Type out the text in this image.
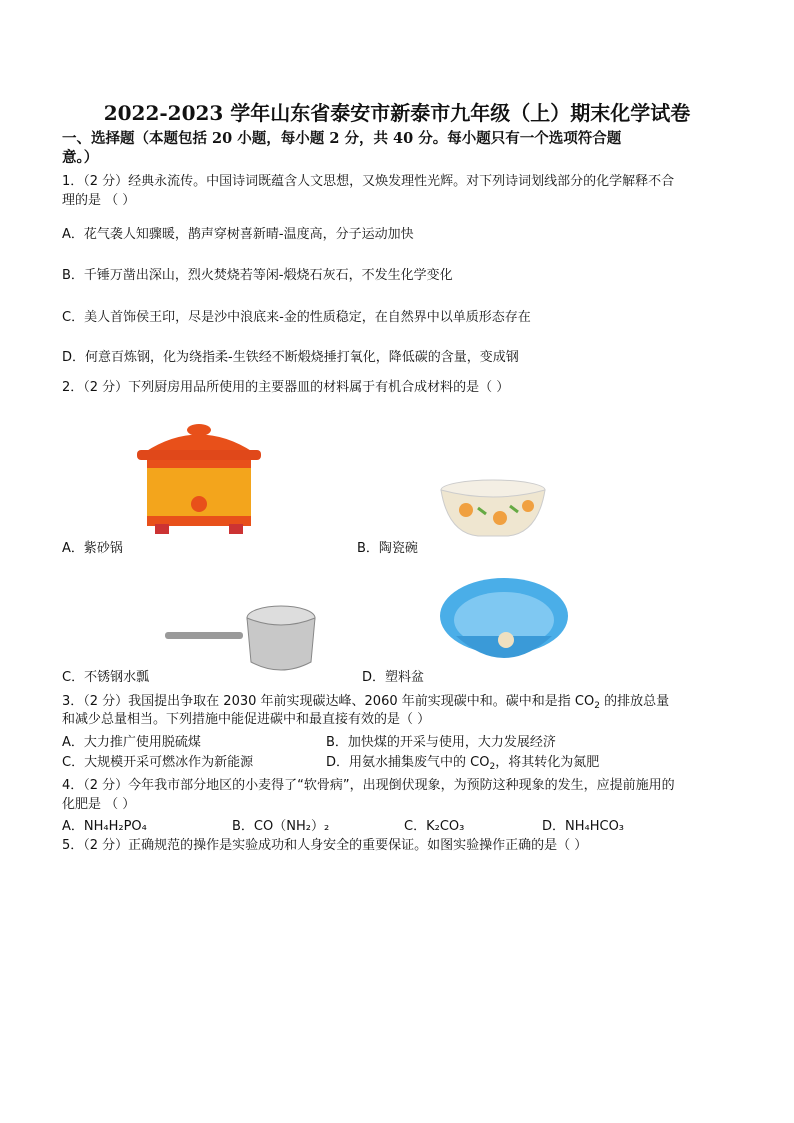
2022-2023 学年山东省泰安市新泰市九年级（上）期末化学试卷
一、选择题（本题包括 20 小题，每小题 2 分，共 40 分。每小题只有一个选项符合题
意。）
1．（2 分）经典永流传。中国诗词既蕴含人文思想，又焕发理性光辉。对下列诗词划线部分的化学解释不合
理的是 （ ）
A．花气袭人知骤暖，鹊声穿树喜新晴-温度高，分子运动加快
B．千锤万凿出深山，烈火焚烧若等闲-煅烧石灰石，不发生化学变化
C．美人首饰侯王印，尽是沙中浪底来-金的性质稳定，在自然界中以单质形态存在
D．何意百炼钢，化为绕指柔-生铁经不断煅烧捶打氧化，降低碳的含量，变成钢
2．（2 分）下列厨房用品所使用的主要器皿的材料属于有机合成材料的是（ ）
A．紫砂锅	B．陶瓷碗
C．不锈钢水瓢	D．塑料盆
3．（2 分）我国提出争取在 2030 年前实现碳达峰、2060 年前实现碳中和。碳中和是指 $CO_2$ 的排放总量
和减少总量相当。下列措施中能促进碳中和最直接有效的是（ ）
A．大力推广使用脱硫煤	B．加快煤的开采与使用，大力发展经济
C．大规模开采可燃冰作为新能源	D．用氨水捕集废气中的 $CO_2$，将其转化为氮肥
4．（2 分）今年我市部分地区的小麦得了“软骨病”，出现倒伏现象，为预防这种现象的发生，应提前施用的
化肥是 （ ）
A．NH₄H₂PO₄	B．CO（NH₂）₂	C．K₂CO₃	D．NH₄HCO₃
5．（2 分）正确规范的操作是实验成功和人身安全的重要保证。如图实验操作正确的是（ ）
